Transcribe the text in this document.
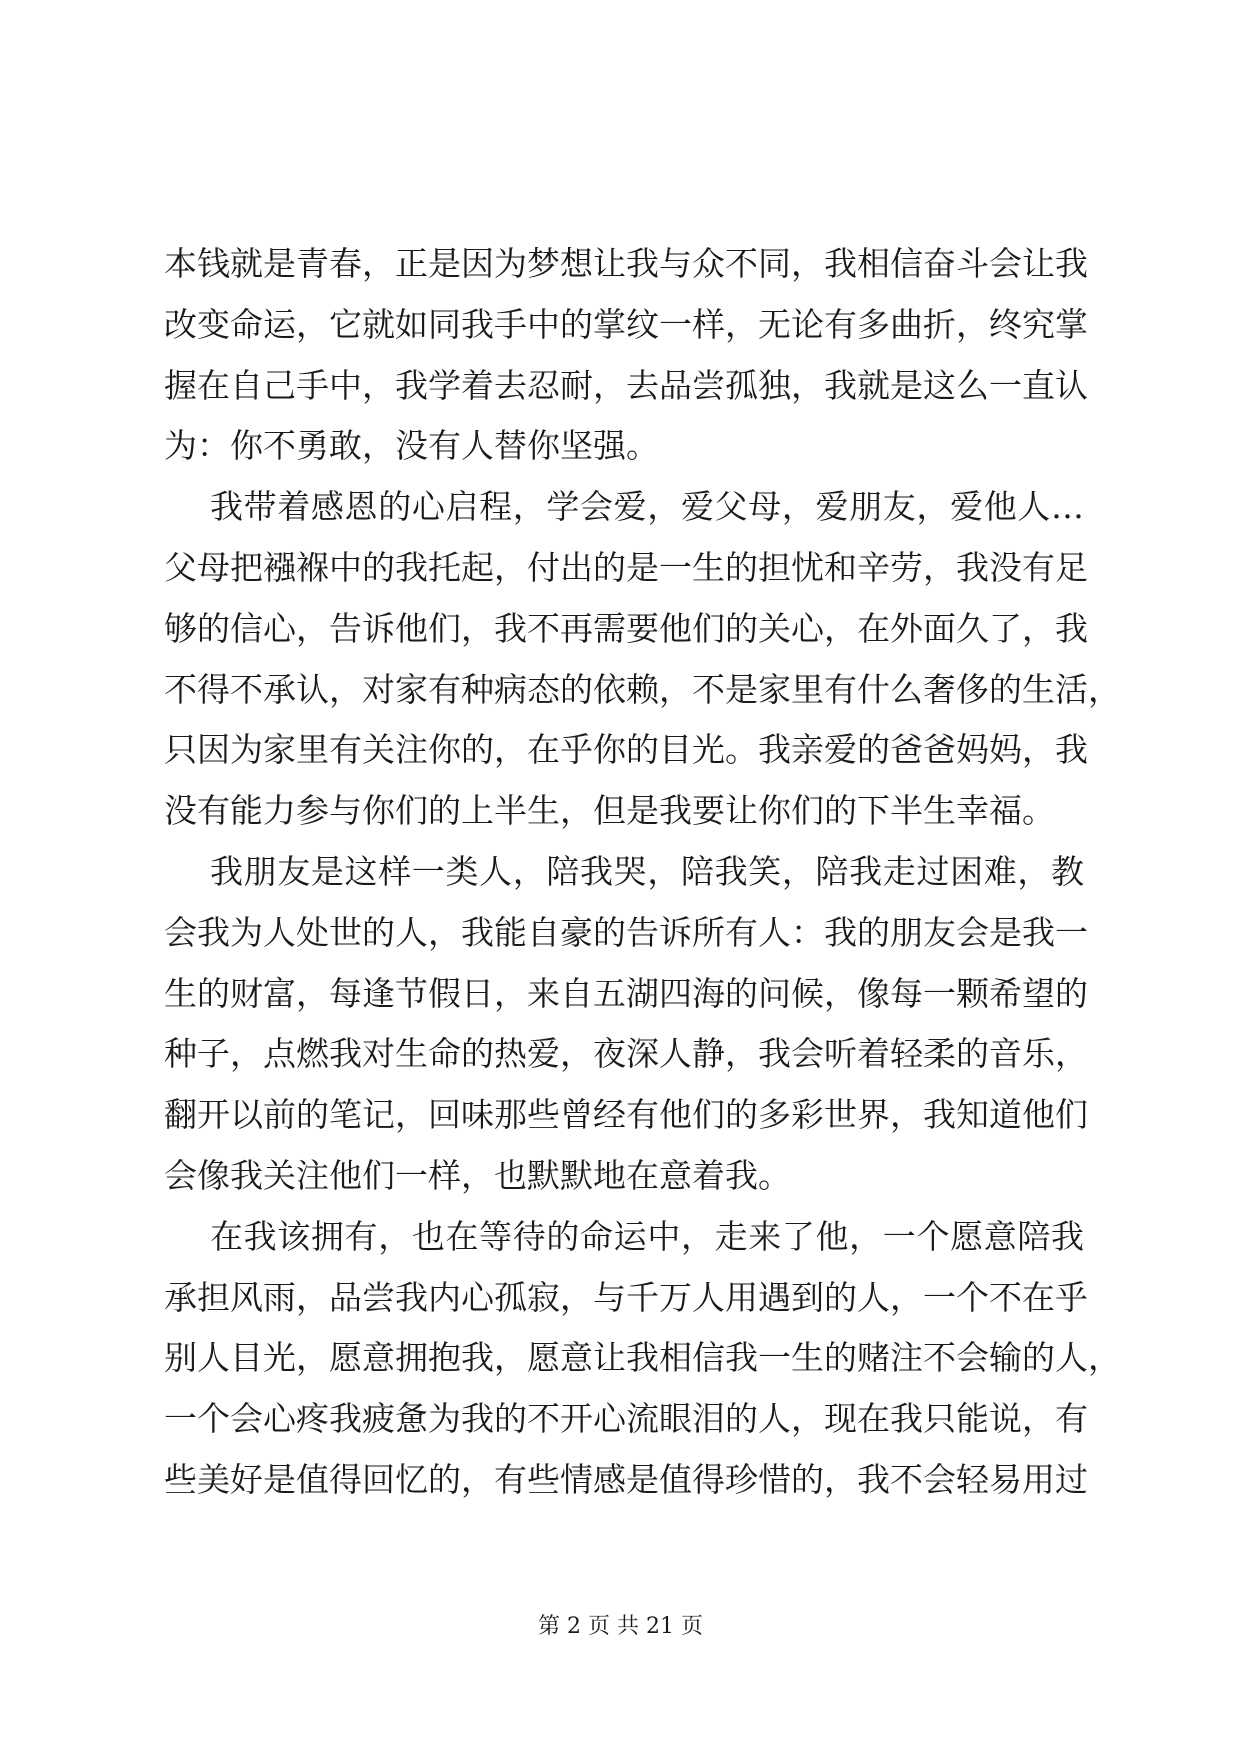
本钱就是青春，正是因为梦想让我与众不同，我相信奋斗会让我
改变命运，它就如同我手中的掌纹一样，无论有多曲折，终究掌
握在自己手中，我学着去忍耐，去品尝孤独，我就是这么一直认
为：你不勇敢，没有人替你坚强。
我带着感恩的心启程，学会爱，爱父母，爱朋友，爱他人…
父母把襁褓中的我托起，付出的是一生的担忧和辛劳，我没有足
够的信心，告诉他们，我不再需要他们的关心，在外面久了，我
不得不承认，对家有种病态的依赖，不是家里有什么奢侈的生活，
只因为家里有关注你的，在乎你的目光。我亲爱的爸爸妈妈，我
没有能力参与你们的上半生，但是我要让你们的下半生幸福。
我朋友是这样一类人，陪我哭，陪我笑，陪我走过困难，教
会我为人处世的人，我能自豪的告诉所有人：我的朋友会是我一
生的财富，每逢节假日，来自五湖四海的问候，像每一颗希望的
种子，点燃我对生命的热爱，夜深人静，我会听着轻柔的音乐，
翻开以前的笔记，回味那些曾经有他们的多彩世界，我知道他们
会像我关注他们一样，也默默地在意着我。
在我该拥有，也在等待的命运中，走来了他，一个愿意陪我
承担风雨，品尝我内心孤寂，与千万人用遇到的人，一个不在乎
别人目光，愿意拥抱我，愿意让我相信我一生的赌注不会输的人，
一个会心疼我疲惫为我的不开心流眼泪的人，现在我只能说，有
些美好是值得回忆的，有些情感是值得珍惜的，我不会轻易用过
第 2 页 共 21 页
